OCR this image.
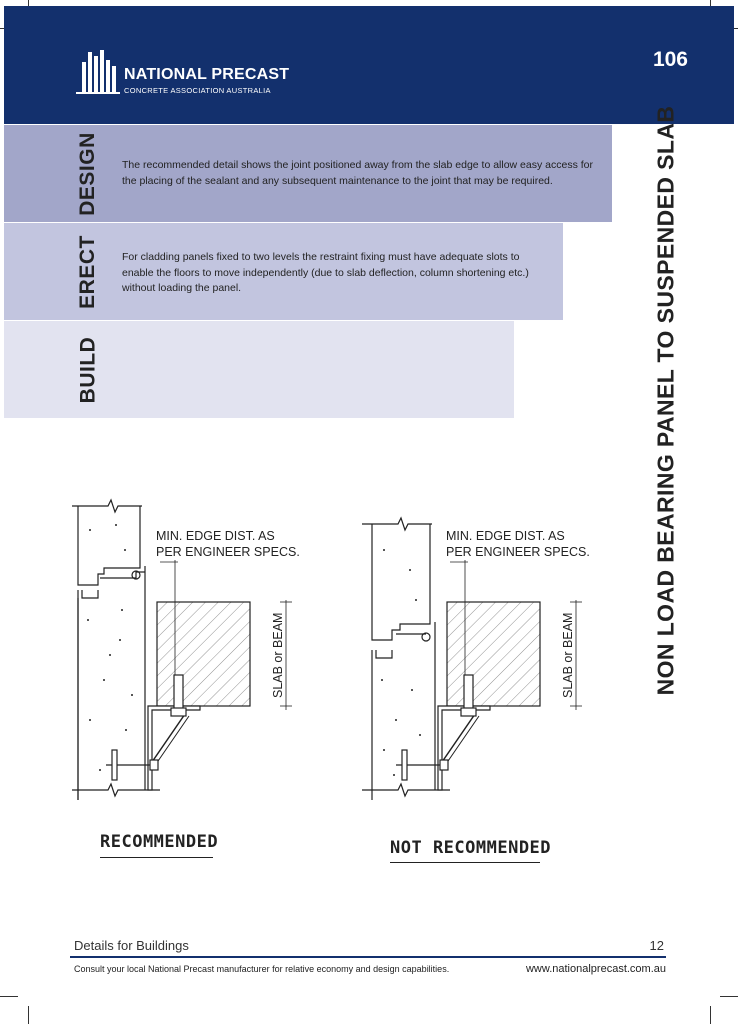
NATIONAL PRECAST
CONCRETE ASSOCIATION AUSTRALIA
106
DESIGN The recommended detail shows the joint positioned away from the slab edge to allow easy access for the placing of the sealant and any subsequent maintenance to the joint that may be required.
ERECT For cladding panels fixed to two levels the restraint fixing must have adequate slots to enable the floors to move independently (due to slab deflection, column shortening etc.) without loading the panel.
BUILD	NON LOAD BEARING PANEL TO SUSPENDED SLAB
MIN. EDGE DIST. AS
PER ENGINEER SPECS.
SLAB or BEAM
MIN. EDGE DIST. AS
PER ENGINEER SPECS.
SLAB or BEAM
RECOMMENDED	NOT RECOMMENDED
Details for Buildings	12
Consult your local National Precast manufacturer for relative economy and design capabilities.	www.nationalprecast.com.au
